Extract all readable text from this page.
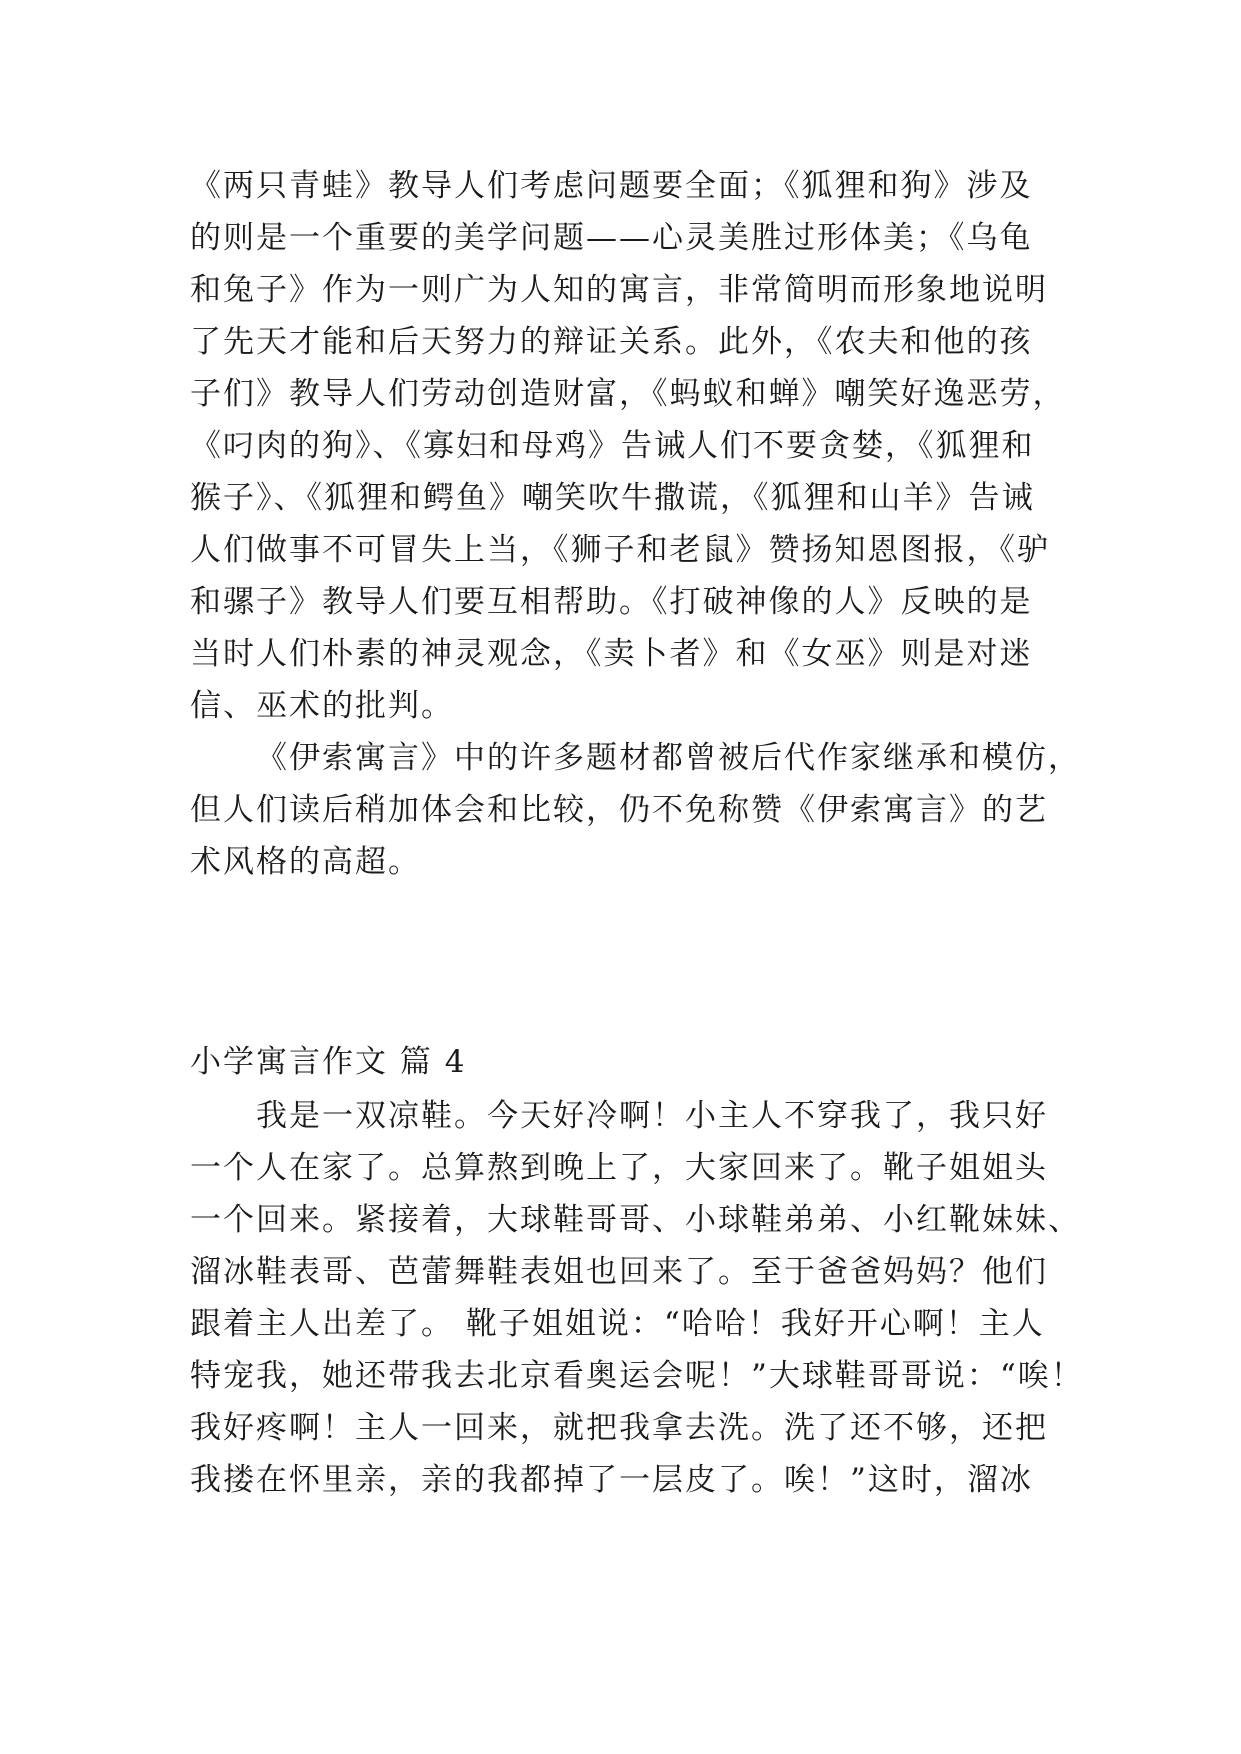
《两只青蛙》教导人们考虑问题要全面；《狐狸和狗》涉及
的则是一个重要的美学问题——心灵美胜过形体美；《乌龟
和兔子》作为一则广为人知的寓言，非常简明而形象地说明
了先天才能和后天努力的辩证关系。此外，《农夫和他的孩
子们》教导人们劳动创造财富，《蚂蚁和蝉》嘲笑好逸恶劳，
《叼肉的狗》、《寡妇和母鸡》告诫人们不要贪婪，《狐狸和
猴子》、《狐狸和鳄鱼》嘲笑吹牛撒谎，《狐狸和山羊》告诫
人们做事不可冒失上当，《狮子和老鼠》赞扬知恩图报，《驴
和骡子》教导人们要互相帮助。《打破神像的人》反映的是
当时人们朴素的神灵观念，《卖卜者》和《女巫》则是对迷
信、巫术的批判。
《伊索寓言》中的许多题材都曾被后代作家继承和模仿，
但人们读后稍加体会和比较，仍不免称赞《伊索寓言》的艺
术风格的高超。
小学寓言作文 篇 4
我是一双凉鞋。今天好冷啊！小主人不穿我了，我只好
一个人在家了。总算熬到晚上了，大家回来了。靴子姐姐头
一个回来。紧接着，大球鞋哥哥、小球鞋弟弟、小红靴妹妹、
溜冰鞋表哥、芭蕾舞鞋表姐也回来了。至于爸爸妈妈？他们
跟着主人出差了。 靴子姐姐说：“哈哈！我好开心啊！主人
特宠我，她还带我去北京看奥运会呢！”大球鞋哥哥说：“唉！
我好疼啊！主人一回来，就把我拿去洗。洗了还不够，还把
我搂在怀里亲，亲的我都掉了一层皮了。唉！”这时，溜冰
